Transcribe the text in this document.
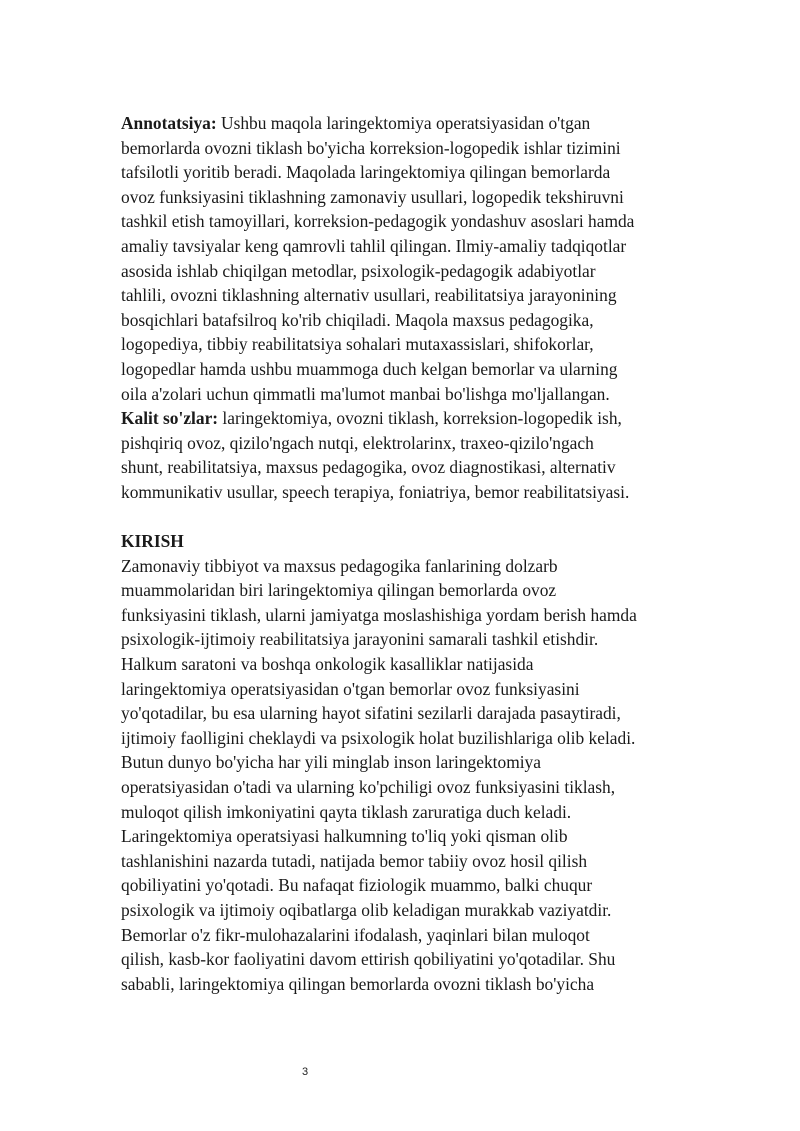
Annotatsiya: Ushbu maqola laringektomiya operatsiyasidan o'tgan
bemorlarda ovozni tiklash bo'yicha korreksion-logopedik ishlar tizimini
tafsilotli yoritib beradi. Maqolada laringektomiya qilingan bemorlarda
ovoz funksiyasini tiklashning zamonaviy usullari, logopedik tekshiruvni
tashkil etish tamoyillari, korreksion-pedagogik yondashuv asoslari hamda
amaliy tavsiyalar keng qamrovli tahlil qilingan. Ilmiy-amaliy tadqiqotlar
asosida ishlab chiqilgan metodlar, psixologik-pedagogik adabiyotlar
tahlili, ovozni tiklashning alternativ usullari, reabilitatsiya jarayonining
bosqichlari batafsilroq ko'rib chiqiladi. Maqola maxsus pedagogika,
logopediya, tibbiy reabilitatsiya sohalari mutaxassislari, shifokorlar,
logopedlar hamda ushbu muammoga duch kelgan bemorlar va ularning
oila a'zolari uchun qimmatli ma'lumot manbai bo'lishga mo'ljallangan.
Kalit so'zlar: laringektomiya, ovozni tiklash, korreksion-logopedik ish,
pishqiriq ovoz, qizilo'ngach nutqi, elektrolarinx, traxeo-qizilo'ngach
shunt, reabilitatsiya, maxsus pedagogika, ovoz diagnostikasi, alternativ
kommunikativ usullar, speech terapiya, foniatriya, bemor reabilitatsiyasi.
KIRISH
Zamonaviy tibbiyot va maxsus pedagogika fanlarining dolzarb
muammolaridan biri laringektomiya qilingan bemorlarda ovoz
funksiyasini tiklash, ularni jamiyatga moslashishiga yordam berish hamda
psixologik-ijtimoiy reabilitatsiya jarayonini samarali tashkil etishdir.
Halkum saratoni va boshqa onkologik kasalliklar natijasida
laringektomiya operatsiyasidan o'tgan bemorlar ovoz funksiyasini
yo'qotadilar, bu esa ularning hayot sifatini sezilarli darajada pasaytiradi,
ijtimoiy faolligini cheklaydi va psixologik holat buzilishlariga olib keladi.
Butun dunyo bo'yicha har yili minglab inson laringektomiya
operatsiyasidan o'tadi va ularning ko'pchiligi ovoz funksiyasini tiklash,
muloqot qilish imkoniyatini qayta tiklash zaruratiga duch keladi.
Laringektomiya operatsiyasi halkumning to'liq yoki qisman olib
tashlanishini nazarda tutadi, natijada bemor tabiiy ovoz hosil qilish
qobiliyatini yo'qotadi. Bu nafaqat fiziologik muammo, balki chuqur
psixologik va ijtimoiy oqibatlarga olib keladigan murakkab vaziyatdir.
Bemorlar o'z fikr-mulohazalarini ifodalash, yaqinlari bilan muloqot
qilish, kasb-kor faoliyatini davom ettirish qobiliyatini yo'qotadilar. Shu
sababli, laringektomiya qilingan bemorlarda ovozni tiklash bo'yicha
3
